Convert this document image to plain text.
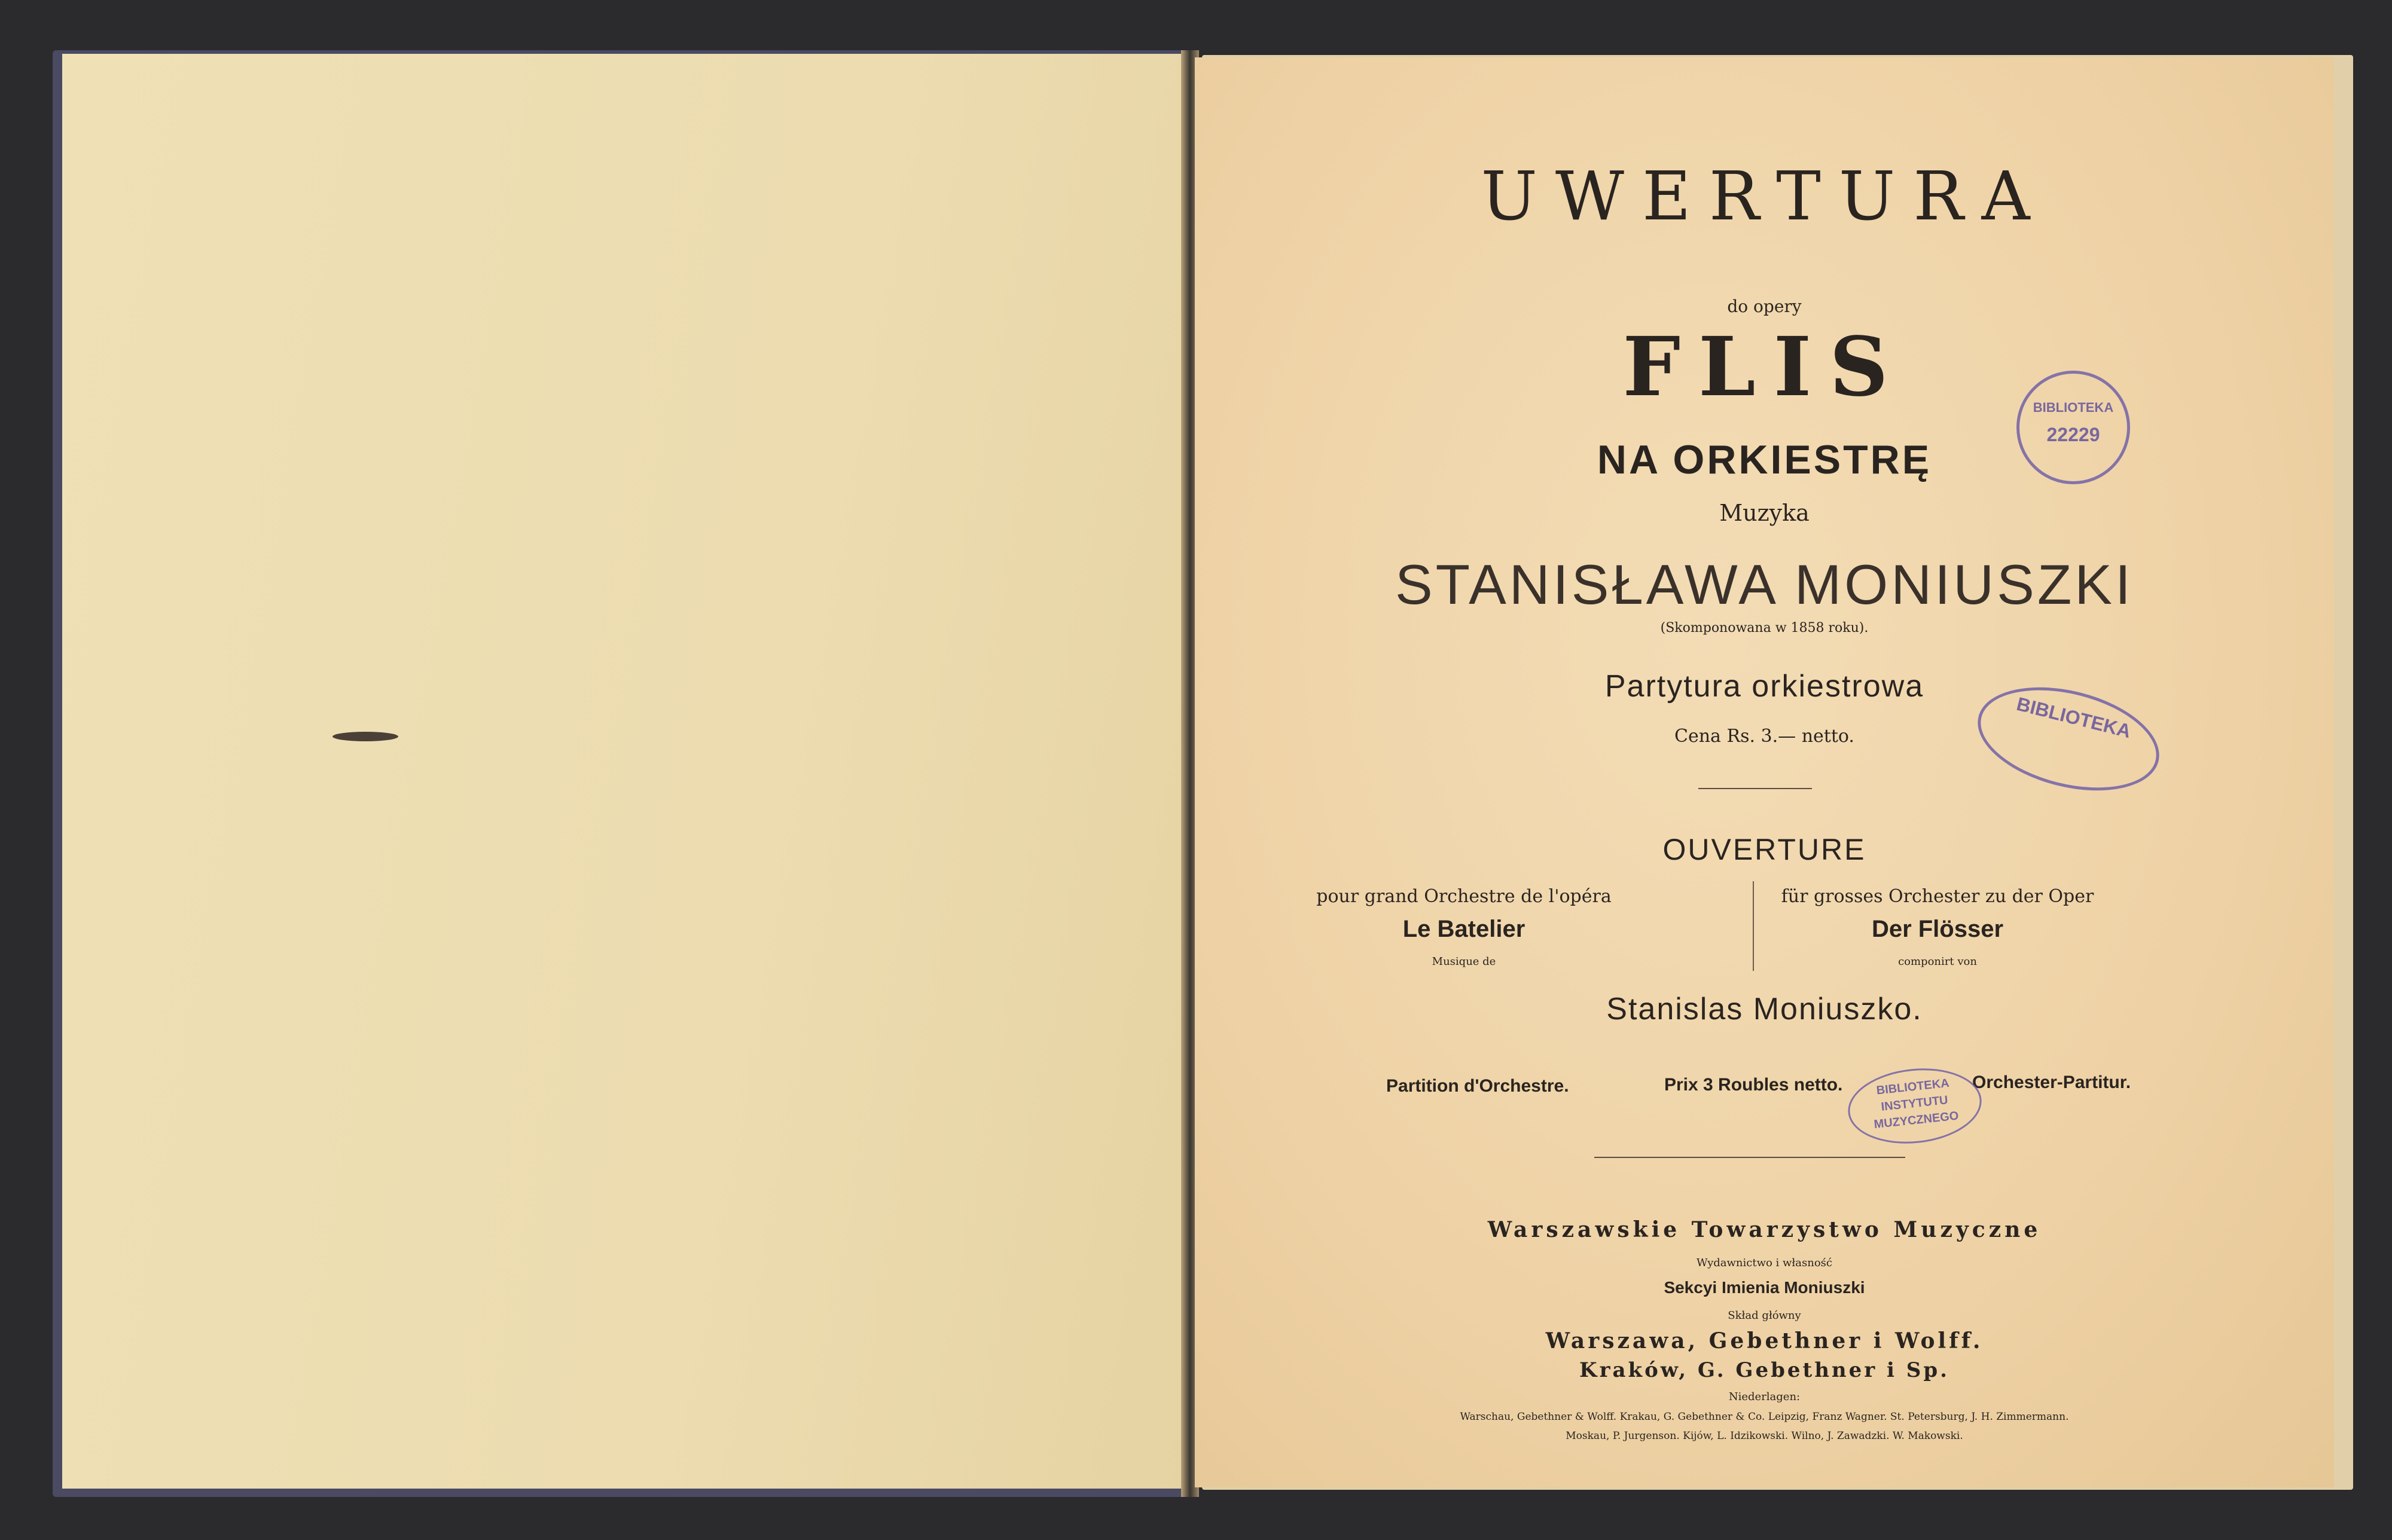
UWERTURA
do opery
FLIS
NA ORKIESTRĘ
Muzyka
STANISŁAWA MONIUSZKI
(Skomponowana w 1858 roku).
Partytura orkiestrowa
Cena Rs. 3.— netto.
OUVERTURE
pour grand Orchestre de l'opéra
Le Batelier
Musique de
für grosses Orchester zu der Oper
Der Flösser
componirt von
Stanislas Moniuszko.
Partition d'Orchestre.	Prix 3 Roubles netto.	Orchester-Partitur.
Warszawskie Towarzystwo Muzyczne
Wydawnictwo i własność
Sekcyi Imienia Moniuszki
Skład główny
Warszawa, Gebethner i Wolff.
Kraków, G. Gebethner i Sp.
Niederlagen:
Warschau, Gebethner & Wolff. Krakau, G. Gebethner & Co. Leipzig, Franz Wagner. St. Petersburg, J. H. Zimmermann.
Moskau, P. Jurgenson. Kijów, L. Idzikowski. Wilno, J. Zawadzki. W. Makowski.
BIBLIOTEKA
22229
BIBLIOTEKA
BIBLIOTEKA
INSTYTUTU
MUZYCZNEGO
